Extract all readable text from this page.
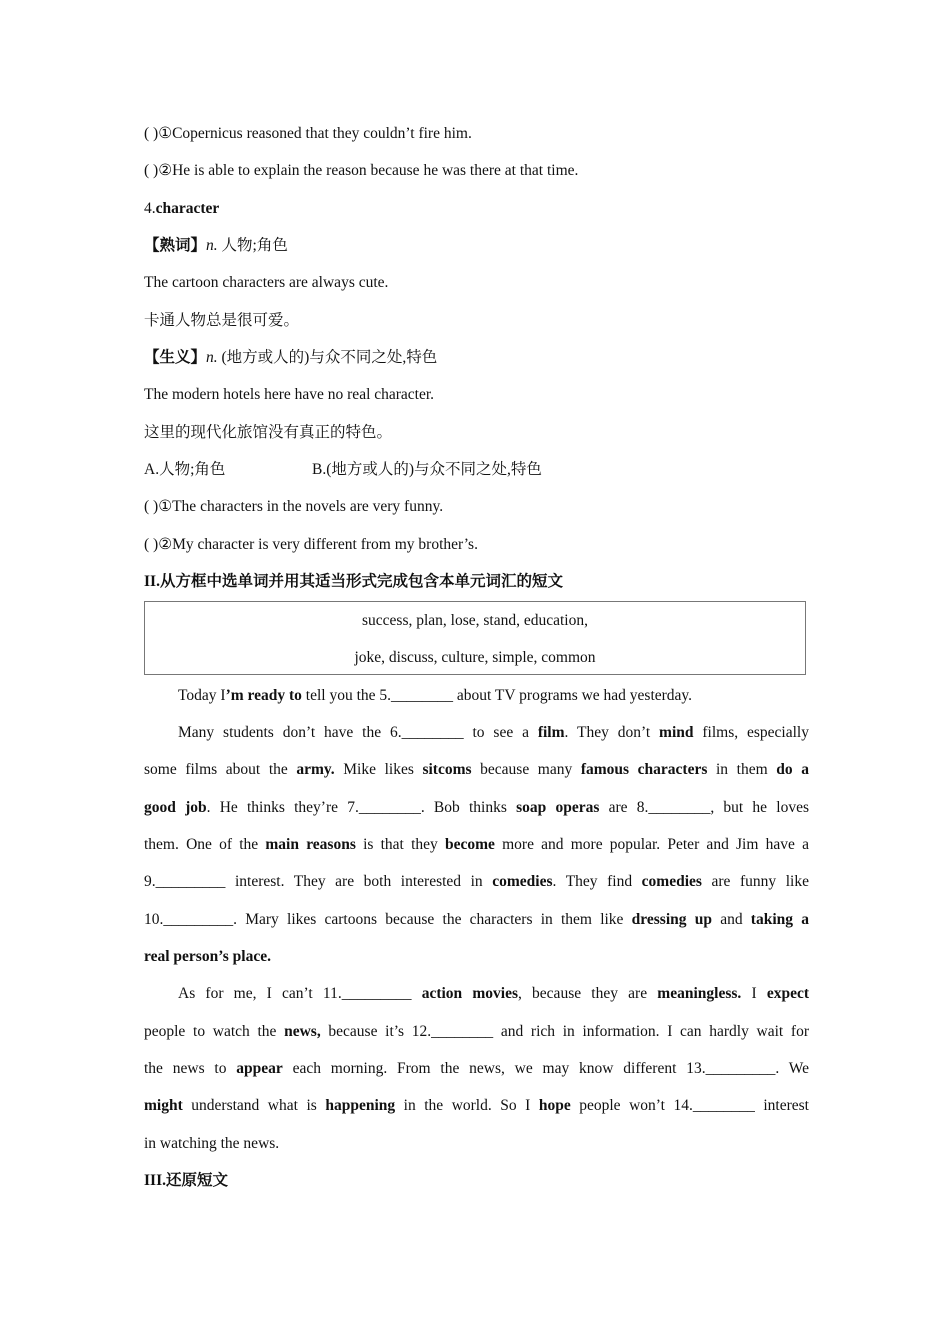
( )①Copernicus reasoned that they couldn’t fire him.
( )②He is able to explain the reason because he was there at that time.
4.character
【熟词】n. 人物;角色
The cartoon characters are always cute.
卡通人物总是很可爱。
【生义】n. (地方或人的)与众不同之处,特色
The modern hotels here have no real character.
这里的现代化旅馆没有真正的特色。
A.人物;角色	B.(地方或人的)与众不同之处,特色
( )①The characters in the novels are very funny.
( )②My character is very different from my brother’s.
II.从方框中选单词并用其适当形式完成包含本单元词汇的短文
success, plan, lose, stand, education,
joke, discuss, culture, simple, common
Today I’m ready to tell you the 5.________ about TV programs we had yesterday.
Many students don’t have the 6.________ to see a film. They don’t mind films, especially
some films about the army. Mike likes sitcoms because many famous characters in them do a
good job. He thinks they’re 7.________. Bob thinks soap operas are 8.________, but he loves
them. One of the main reasons is that they become more and more popular. Peter and Jim have a
9._________ interest. They are both interested in comedies. They find comedies are funny like
10._________. Mary likes cartoons because the characters in them like dressing up and taking a
real person’s place.
As for me, I can’t 11._________ action movies, because they are meaningless. I expect
people to watch the news, because it’s 12.________ and rich in information. I can hardly wait for
the news to appear each morning. From the news, we may know different 13._________. We
might understand what is happening in the world. So I hope people won’t 14.________ interest
in watching the news.
III.还原短文
